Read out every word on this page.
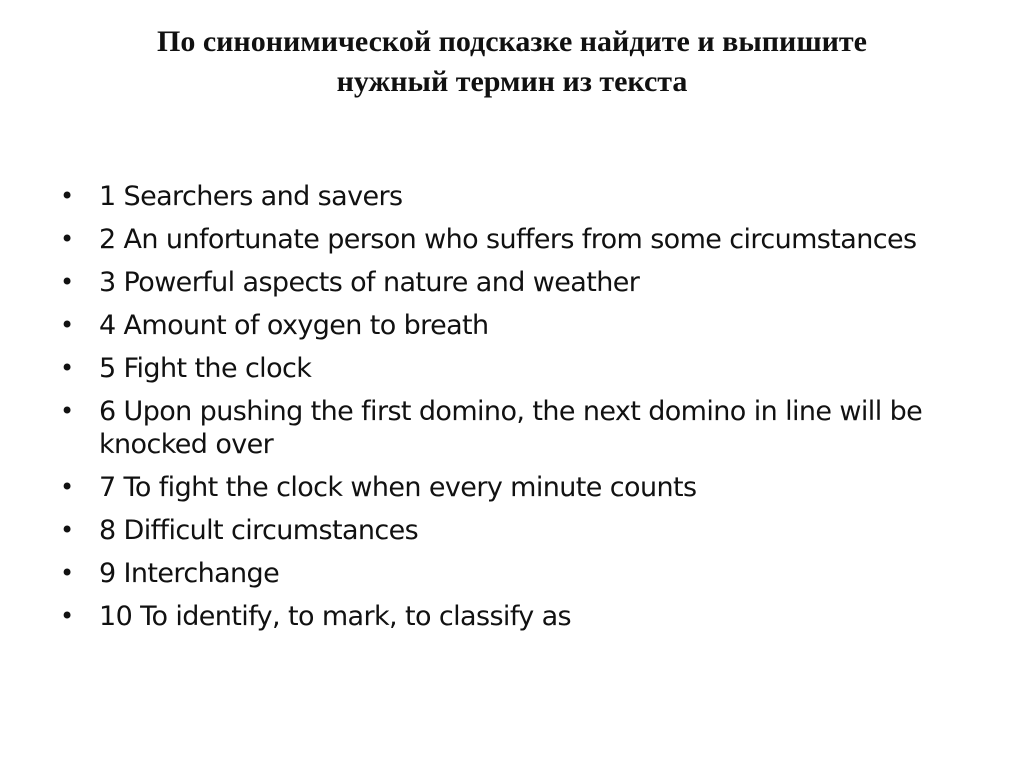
По синонимической подсказке найдите и выпишите
нужный термин из текста
• 1 Searchers and savers
• 2 An unfortunate person who suffers from some circumstances
• 3 Powerful aspects of nature and weather
• 4 Amount of oxygen to breath
• 5 Fight the clock
• 6 Upon pushing the first domino, the next domino in line will be knocked over
• 7 To fight the clock when every minute counts
• 8 Difficult circumstances
• 9 Interchange
• 10 To identify, to mark, to classify as
